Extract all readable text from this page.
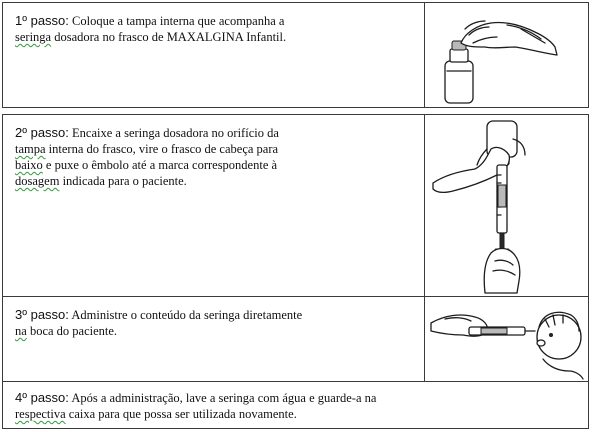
1º passo: Coloque a tampa interna que acompanha a
seringa dosadora no frasco de MAXALGINA Infantil.
2º passo: Encaixe a seringa dosadora no orifício da
tampa interna do frasco, vire o frasco de cabeça para
baixo e puxe o êmbolo até a marca correspondente à
dosagem indicada para o paciente.
3º passo: Administre o conteúdo da seringa diretamente
na boca do paciente.
4º passo: Após a administração, lave a seringa com água e guarde-a na
respectiva caixa para que possa ser utilizada novamente.
